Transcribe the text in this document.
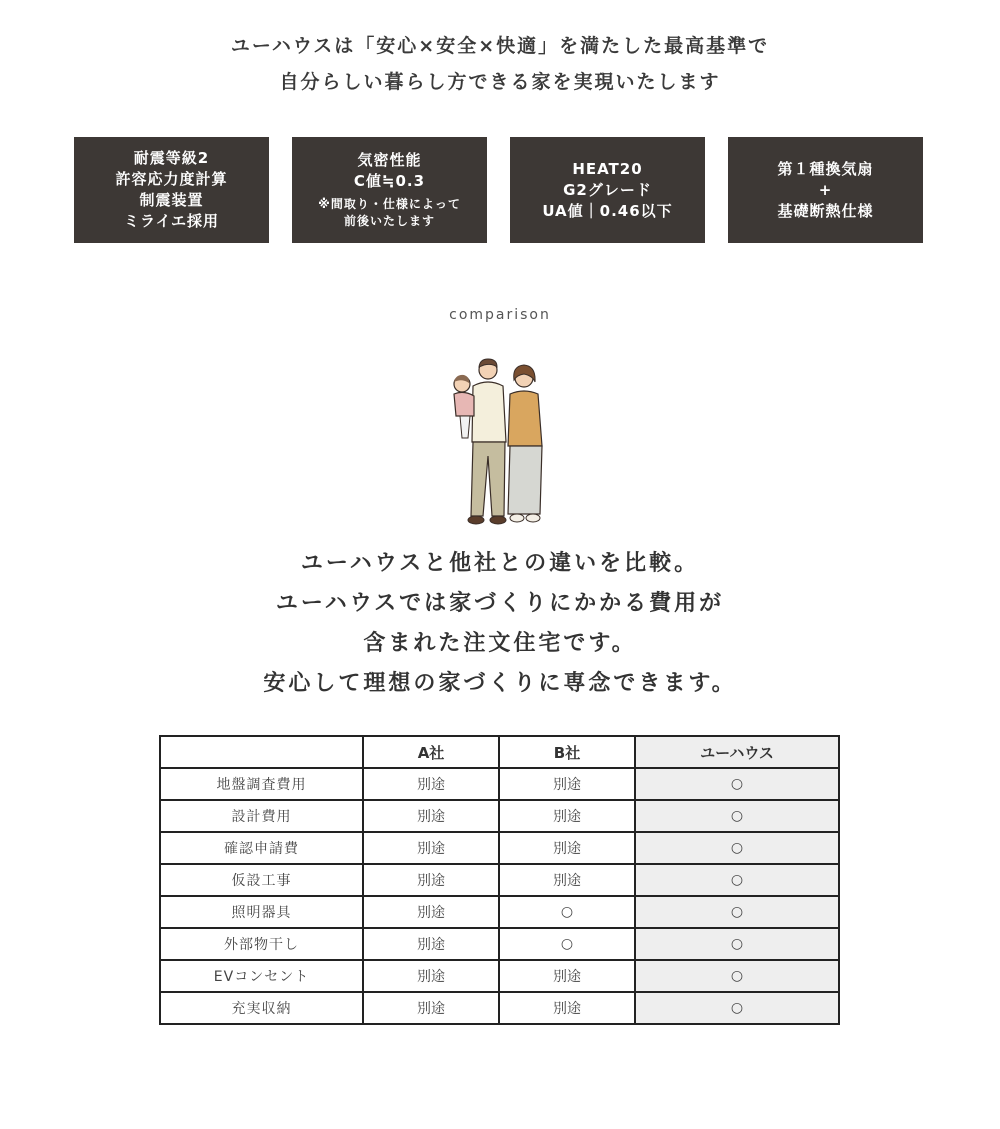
ユーハウスは「安心×安全×快適」を満たした最高基準で
自分らしい暮らし方できる家を実現いたします
耐震等級2
許容応力度計算
制震装置
ミライエ採用
気密性能
C値≒0.3
※間取り・仕様によって
前後いたします
HEAT20
G2グレード
UA値｜0.46以下
第１種換気扇
+
基礎断熱仕様
comparison
ユーハウスと他社との違いを比較。
ユーハウスでは家づくりにかかる費用が
含まれた注文住宅です。
安心して理想の家づくりに専念できます。
	A社	B社	ユーハウス
地盤調査費用	別途	別途	○
設計費用	別途	別途	○
確認申請費	別途	別途	○
仮設工事	別途	別途	○
照明器具	別途	○	○
外部物干し	別途	○	○
EVコンセント	別途	別途	○
充実収納	別途	別途	○
